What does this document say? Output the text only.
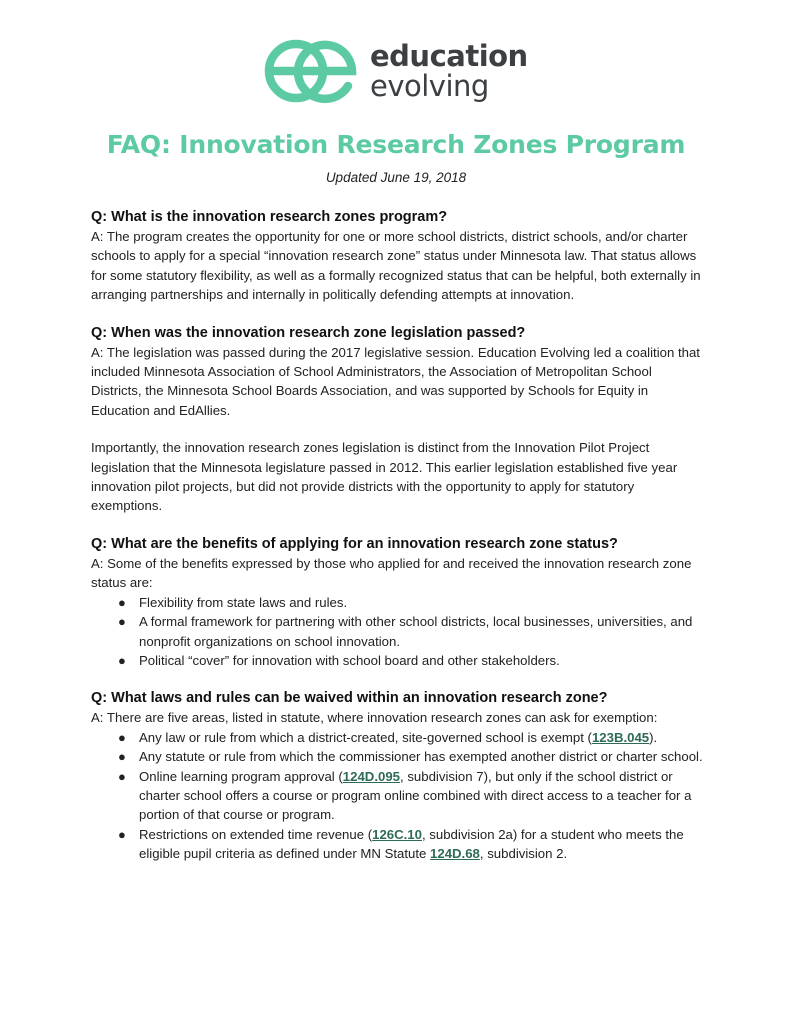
education
evolving
FAQ: Innovation Research Zones Program
Updated June 19, 2018

Q: What is the innovation research zones program?

A: The program creates the opportunity for one or more school districts, district schools, and/or charter schools to apply for a special “innovation research zone” status under Minnesota law. That status allows for some statutory flexibility, as well as a formally recognized status that can be helpful, both externally in arranging partnerships and internally in politically defending attempts at innovation.

Q: When was the innovation research zone legislation passed?

A: The legislation was passed during the 2017 legislative session. Education Evolving led a coalition that included Minnesota Association of School Administrators, the Association of Metropolitan School Districts, the Minnesota School Boards Association, and was supported by Schools for Equity in Education and EdAllies.

Importantly, the innovation research zones legislation is distinct from the Innovation Pilot Project legislation that the Minnesota legislature passed in 2012. This earlier legislation established five year innovation pilot projects, but did not provide districts with the opportunity to apply for statutory exemptions.

Q: What are the benefits of applying for an innovation research zone status?

A: Some of the benefits expressed by those who applied for and received the innovation research zone status are:

● Flexibility from state laws and rules.
● A formal framework for partnering with other school districts, local businesses, universities, and nonprofit organizations on school innovation.
● Political “cover” for innovation with school board and other stakeholders.

Q: What laws and rules can be waived within an innovation research zone?

A: There are five areas, listed in statute, where innovation research zones can ask for exemption:

● Any law or rule from which a district-created, site-governed school is exempt (123B.045).
● Any statute or rule from which the commissioner has exempted another district or charter school.
● Online learning program approval (124D.095, subdivision 7), but only if the school district or charter school offers a course or program online combined with direct access to a teacher for a portion of that course or program.
● Restrictions on extended time revenue (126C.10, subdivision 2a) for a student who meets the eligible pupil criteria as defined under MN Statute 124D.68, subdivision 2.
